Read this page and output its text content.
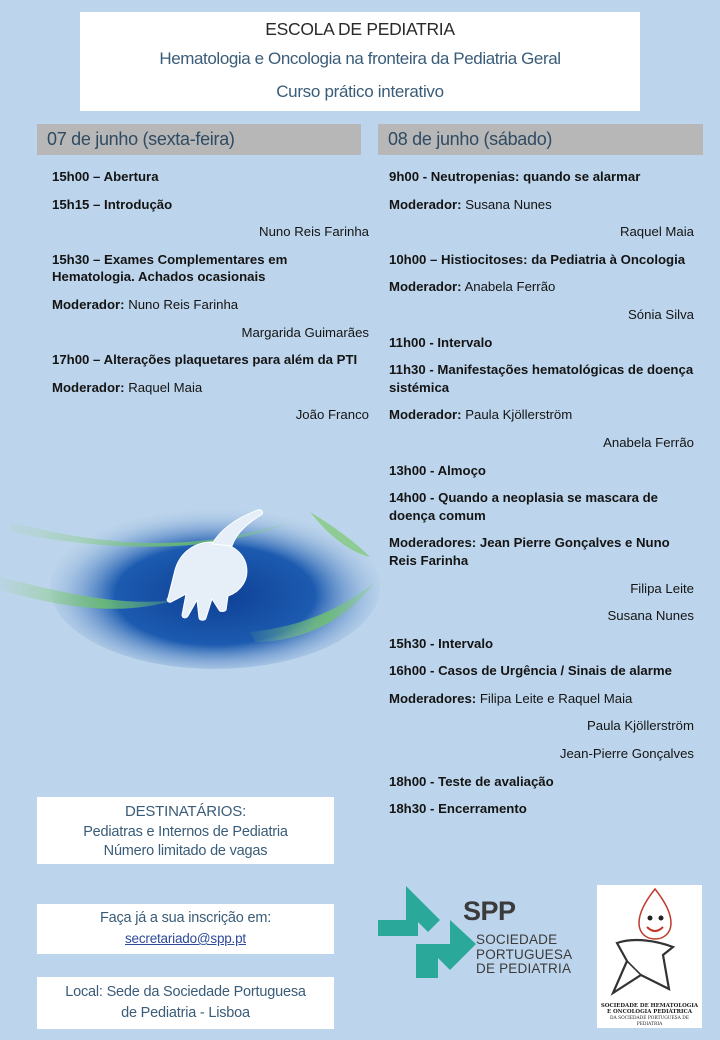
ESCOLA DE PEDIATRIA
Hematologia e Oncologia na fronteira da Pediatria Geral
Curso prático interativo
07 de junho (sexta-feira)	08 de junho (sábado)
15h00 – Abertura
15h15 – Introdução
Nuno Reis Farinha
15h30 – Exames Complementares em Hematologia. Achados ocasionais
Moderador: Nuno Reis Farinha
Margarida Guimarães
17h00 – Alterações plaquetares para além da PTI
Moderador: Raquel Maia
João Franco
9h00 - Neutropenias: quando se alarmar
Moderador: Susana Nunes
Raquel Maia
10h00 – Histiocitoses: da Pediatria à Oncologia
Moderador: Anabela Ferrão
Sónia Silva
11h00 - Intervalo
11h30 - Manifestações hematológicas de doença sistémica
Moderador: Paula Kjöllerström
Anabela Ferrão
13h00 - Almoço
14h00 - Quando a neoplasia se mascara de doença comum
Moderadores: Jean Pierre Gonçalves e Nuno Reis Farinha
Filipa Leite
Susana Nunes
15h30 - Intervalo
16h00 - Casos de Urgência / Sinais de alarme
Moderadores: Filipa Leite e Raquel Maia
Paula Kjöllerström
Jean-Pierre Gonçalves
18h00 - Teste de avaliação
18h30 - Encerramento
DESTINATÁRIOS:
Pediatras e Internos de Pediatria
Número limitado de vagas
Faça já a sua inscrição em:
secretariado@spp.pt
Local: Sede da Sociedade Portuguesa
de Pediatria - Lisboa
SPP
SOCIEDADE
PORTUGUESA
DE PEDIATRIA
SOCIEDADE DE HEMATOLOGIA
E ONCOLOGIA PEDIÁTRICA
DA SOCIEDADE PORTUGUESA DE PEDIATRIA
